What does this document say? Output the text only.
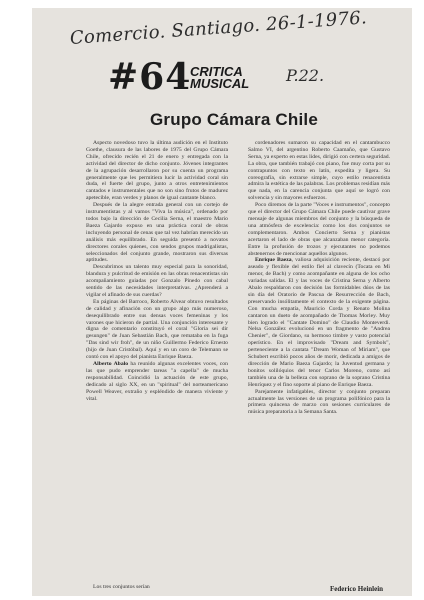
Comercio. Santiago. 26-1-1976.
P.22.
#64

CRITICA

MUSICAL

Grupo Cámara Chile

Aspecto novedoso tuvo la última audición en el Instituto Goethe, clausura de las labores de 1975 del Grupo Cámara Chile, ofrecido recién el 21 de enero y entregada con la actividad del director de dicho conjunto. Jóvenes integrantes de la agrupación desarrollaron por su cuenta un programa generalmente que les permitiera lucir la actividad coral sin duda, el fuerte del grupo, junto a otros entretenimientos cantados e instrumentales que no son sino frutos de madurez apetecible, eran verdes y planos de igual cantante blanco.

Después de la alegre entrada general con un cortejo de instrumentistas y al vamos "Viva la música", ordenado por todos bajo la dirección de Cecilia Serna, el maestro Mario Baeza Gajardo expuso en una práctica coral de obras incluyendo personal de cenas que tal vez habrían merecido un análisis más equilibrado. En seguida presentó a novatos directores corales quienes, con sendos grupos madrigalistas, seleccionados del conjunto grande, mostraron sus diversas aptitudes.

Descubrimos un talento muy especial para la sonoridad, blandura y pulcritud de emisión en las obras renacentistas sin acompañamiento guiadas por Gonzalo Pinedo con cabal sentido de las necesidades interpretativas. ¿Aprenderá a vigilar el afinado de sus cuerdas?

En páginas del Barroco, Roberto Alvear obtuvo resultados de calidad y afinación con un grupo algo más numeroso, desequilibrado entre sus densas voces femeninas y los varones que hicieron de partial. Una conjunción interesante y digna de comentario constituyó el coral "Gloria sei dir gesungen" de Juan Sebastián Bach, que remataba en la fuga "Das sind wir froh", de un niño Guillermo Federico Ernesto (hijo de Juan Cristóbal). Aquí y en un coro de Telemann se contó con el apoyo del pianista Enrique Baeza.

Alberto Abalo ha reunido algunas excelentes voces, con las que pudo emprender tareas "a capella" de mucha responsabilidad. Coincidió la actuación de este grupo, dedicado al siglo XX, en un "spiritual" del norteamericano Powell Weaver, extraño y espléndido de manera viviente y vital.

Los tres conjuntos serían

cordenadores sumaron su capacidad en el cantambucco Salmo VI, del argentino Roberto Caamaño, que Gustavo Serna, ya experto en estas lides, dirigió con certera seguridad. La obra, que también trabajó con piano, fue muy corta por su contrapuntos con texto en latín, expedita y ligera. Su coreografía, sin extrarse simple, cuyo estilo renacentista admira la estética de las palabras. Los problemas residían más que nada, en la carencia conjunta que aquí se logró con solvencia y sin mayores esfuerzos.

Poco diremos de la parte "Voces e instrumentos", concepto que el director del Grupo Cámara Chile puede cautivar grave mensaje de algunas miembros del conjunto y la búsqueda de una atmósfera de excelencia: como los dos conjuntos se complementaron. Ambos Concierto Serna y pianistas acertaron el lado de obras que alcanzaban menor categoría. Entre la profusión de trozos y ejecutantes no podemos abstenernos de mencionar aquellos algunos.

Enrique Baeza, valiosa adquisición reciente, destacó por aseado y flexible del estilo fiel al clavecín (Tocata en Mi menor, de Bach) y como acompañante en alguna de los ocho variadas salidas. El y las voces de Cristina Serna y Alberto Abalo respaldaron con decisión las formidables dúos de las sin día del Oratorio de Pascua de Resurrección de Bach, preservando insólitamente el contexto de la exigente página. Con mucha empatía, Mauricio Corda y Renato Molina cantaron un dueto de acompañado de Thomas Morley. Muy bien logrado el "Cantate Domino" de Claudio Monteverdi. Nelsa González evolucionó en un fragmento de "Andrea Chenier", de Giordano, su hermoso timbre y vasto potencial operístico. En el improvisado "Dream and Symbols", perteneciente a la cantata "Dream Woman of Miriam", que Schubert escribió pocos años de morir, dedicada a amigos de dirección de Mario Baeza Gajardo; la Juventud germana y bonitos solilóquios del tenor Carlos Moreno, como así también una de la belleza con soprano de la soprano Cristina Henríquez y el fino soporte al piano de Enrique Baeza.

Parejamente infatigables, director y conjunto preparan actualmente las versiones de un programa polifónico para la primera quincena de marzo con sesiones curriculares de música preparatoria a la Semana Santa.

Federico Heinlein
